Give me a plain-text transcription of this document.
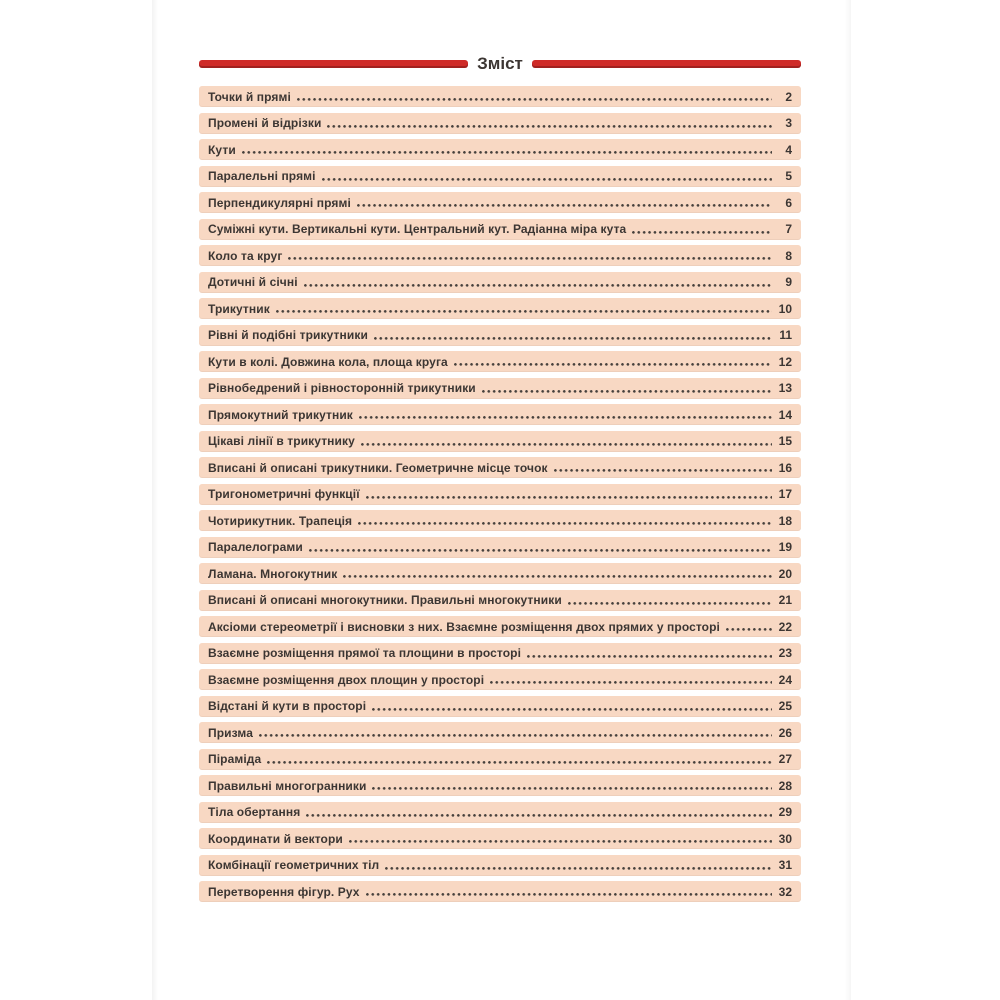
Зміст
Точки й прямі	2
Промені й відрізки	3
Кути	4
Паралельні прямі	5
Перпендикулярні прямі	6
Суміжні кути. Вертикальні кути. Центральний кут. Радіанна міра кута	7
Коло та круг	8
Дотичні й січні	9
Трикутник	10
Рівні й подібні трикутники	11
Кути в колі. Довжина кола, площа круга	12
Рівнобедрений і рівносторонній трикутники	13
Прямокутний трикутник	14
Цікаві лінії в трикутнику	15
Вписані й описані трикутники. Геометричне місце точок	16
Тригонометричні функції	17
Чотирикутник. Трапеція	18
Паралелограми	19
Ламана. Многокутник	20
Вписані й описані многокутники. Правильні многокутники	21
Аксіоми стереометрії і висновки з них. Взаємне розміщення двох прямих у просторі	22
Взаємне розміщення прямої та площини в просторі	23
Взаємне розміщення двох площин у просторі	24
Відстані й кути в просторі	25
Призма	26
Піраміда	27
Правильні многогранники	28
Тіла обертання	29
Координати й вектори	30
Комбінації геометричних тіл	31
Перетворення фігур. Рух	32
